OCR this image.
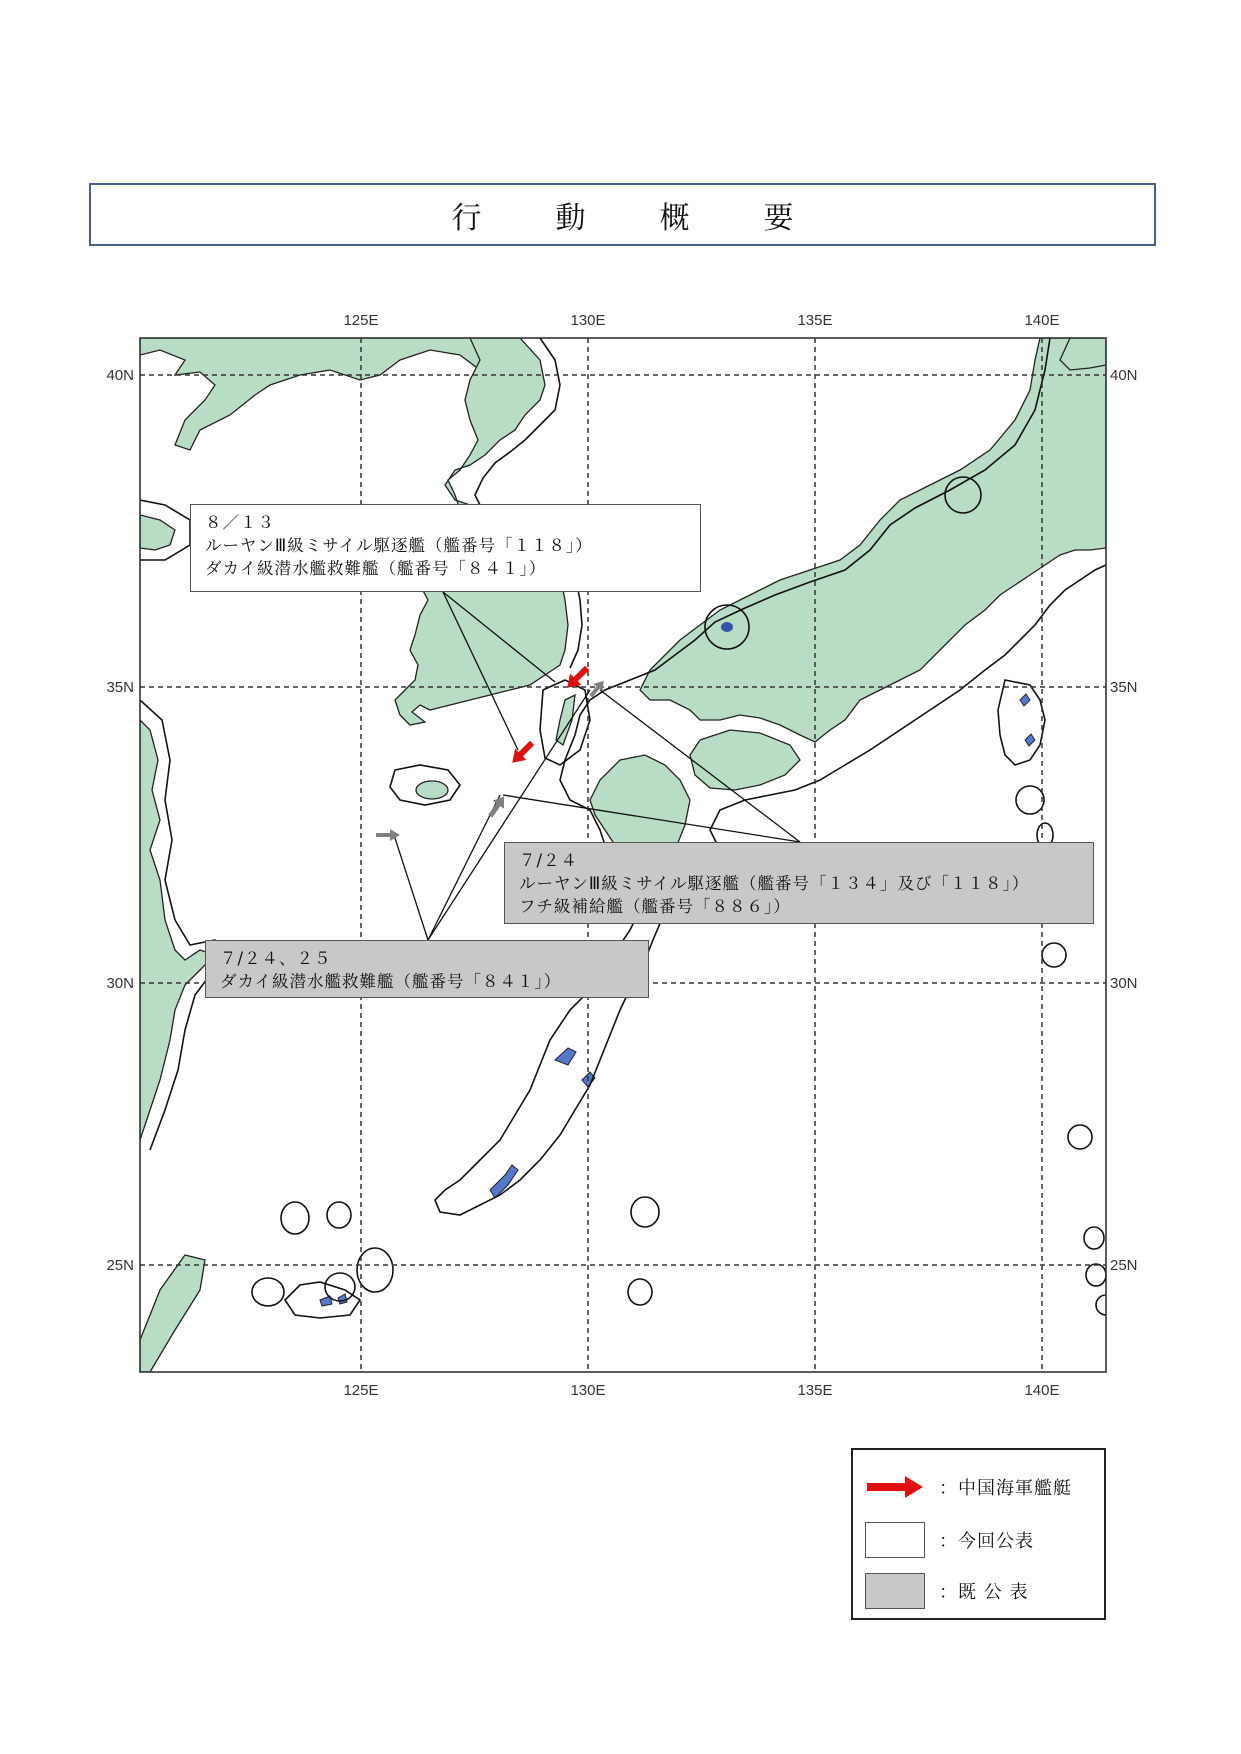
行　動　概　要
125E	130E	135E	140E
125E	130E	135E	140E
40N
35N
30N
25N
40N
35N
30N
25N
８／１３
ルーヤンⅢ級ミサイル駆逐艦（艦番号「１１８」）
ダカイ級潜水艦救難艦（艦番号「８４１」）
７/２４
ルーヤンⅢ級ミサイル駆逐艦（艦番号「１３４」及び「１１８」）
フチ級補給艦（艦番号「８８６」）
７/２４、２５
ダカイ級潜水艦救難艦（艦番号「８４１」）
：中国海軍艦艇
：今回公表
：既 公 表
